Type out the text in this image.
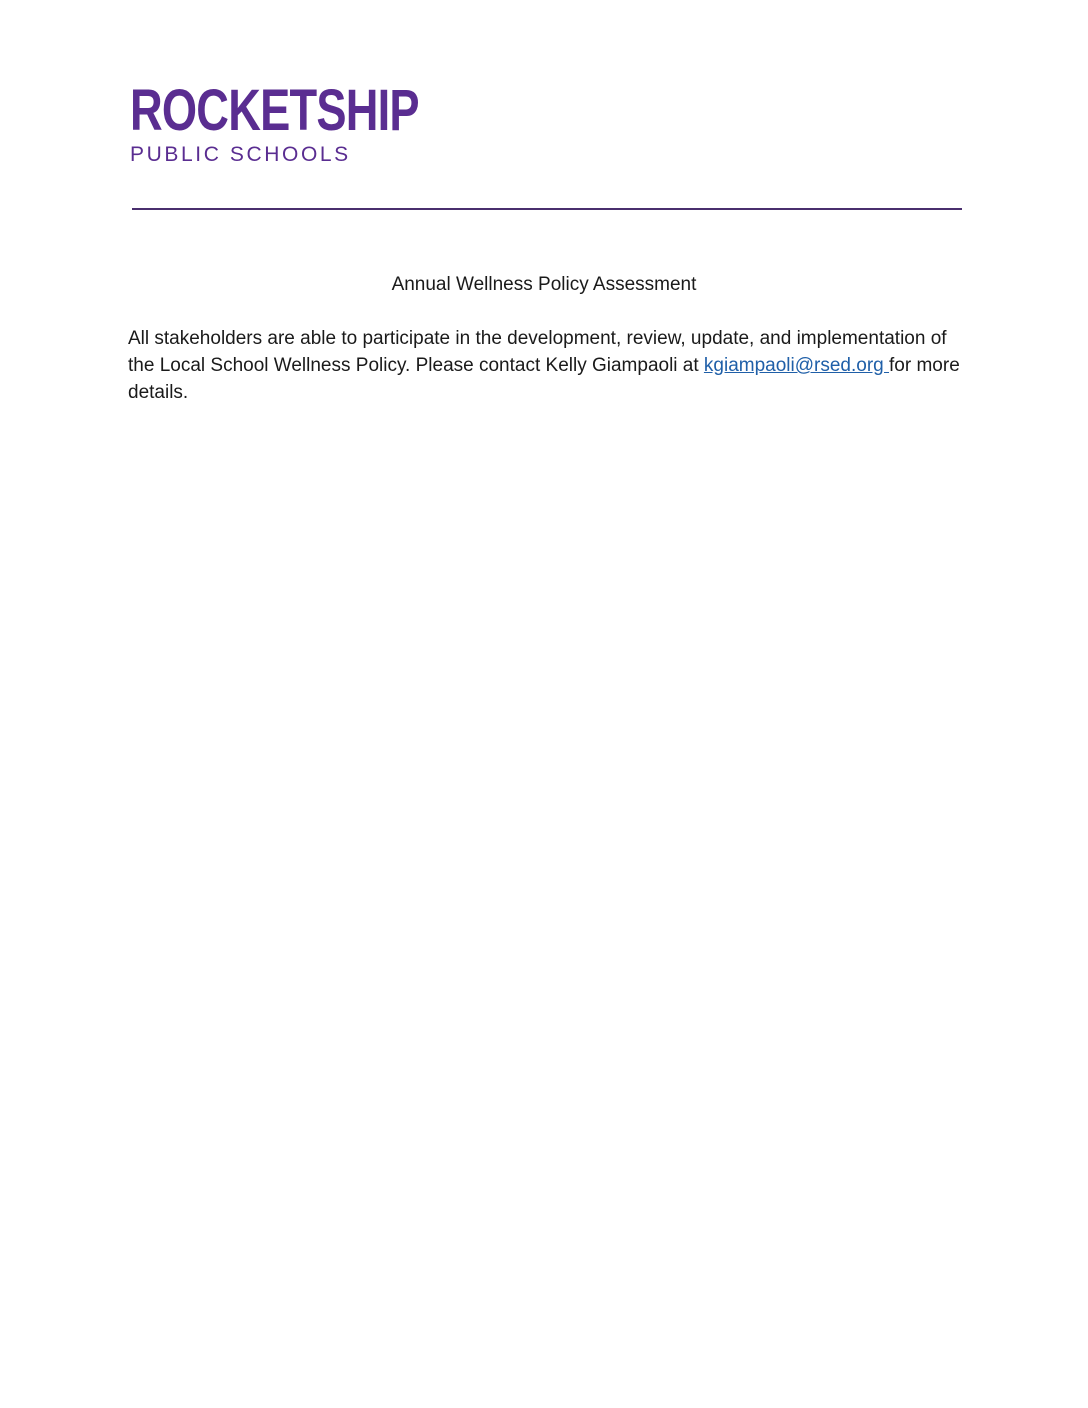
ROCKETSHIP
PUBLIC SCHOOLS
Annual Wellness Policy Assessment

All stakeholders are able to participate in the development, review, update, and implementation of the Local School Wellness Policy. Please contact Kelly Giampaoli at kgiampaoli@rsed.org for more details.
